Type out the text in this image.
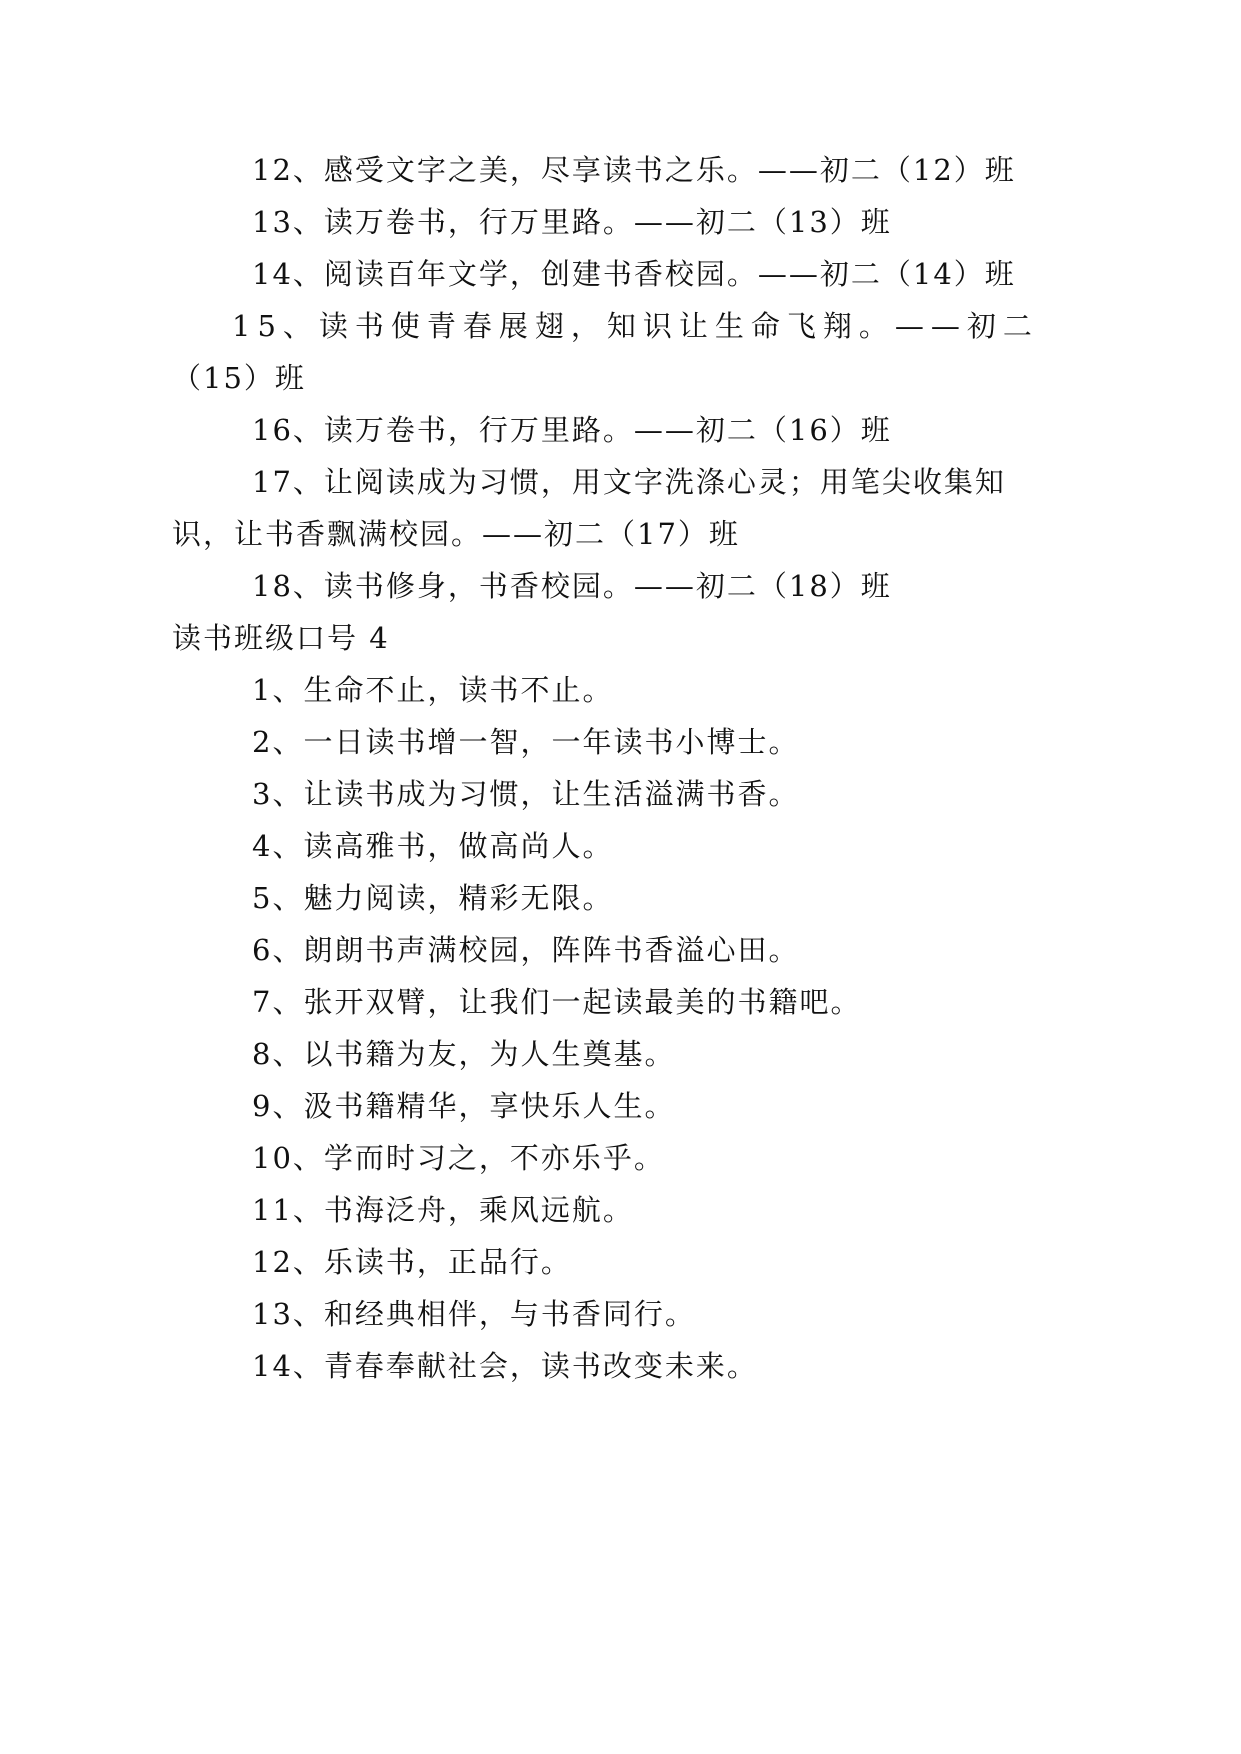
12、感受文字之美，尽享读书之乐。——初二（12）班

13、读万卷书，行万里路。——初二（13）班

14、阅读百年文学，创建书香校园。——初二（14）班

15、读书使青春展翅，知识让生命飞翔。——初二

（15）班

16、读万卷书，行万里路。——初二（16）班

17、让阅读成为习惯，用文字洗涤心灵；用笔尖收集知

识，让书香飘满校园。——初二（17）班

18、读书修身，书香校园。——初二（18）班

读书班级口号 4

1、生命不止，读书不止。

2、一日读书增一智，一年读书小博士。

3、让读书成为习惯，让生活溢满书香。

4、读高雅书，做高尚人。

5、魅力阅读，精彩无限。

6、朗朗书声满校园，阵阵书香溢心田。

7、张开双臂，让我们一起读最美的书籍吧。

8、以书籍为友，为人生奠基。

9、汲书籍精华，享快乐人生。

10、学而时习之，不亦乐乎。

11、书海泛舟，乘风远航。

12、乐读书，正品行。

13、和经典相伴，与书香同行。

14、青春奉献社会，读书改变未来。
